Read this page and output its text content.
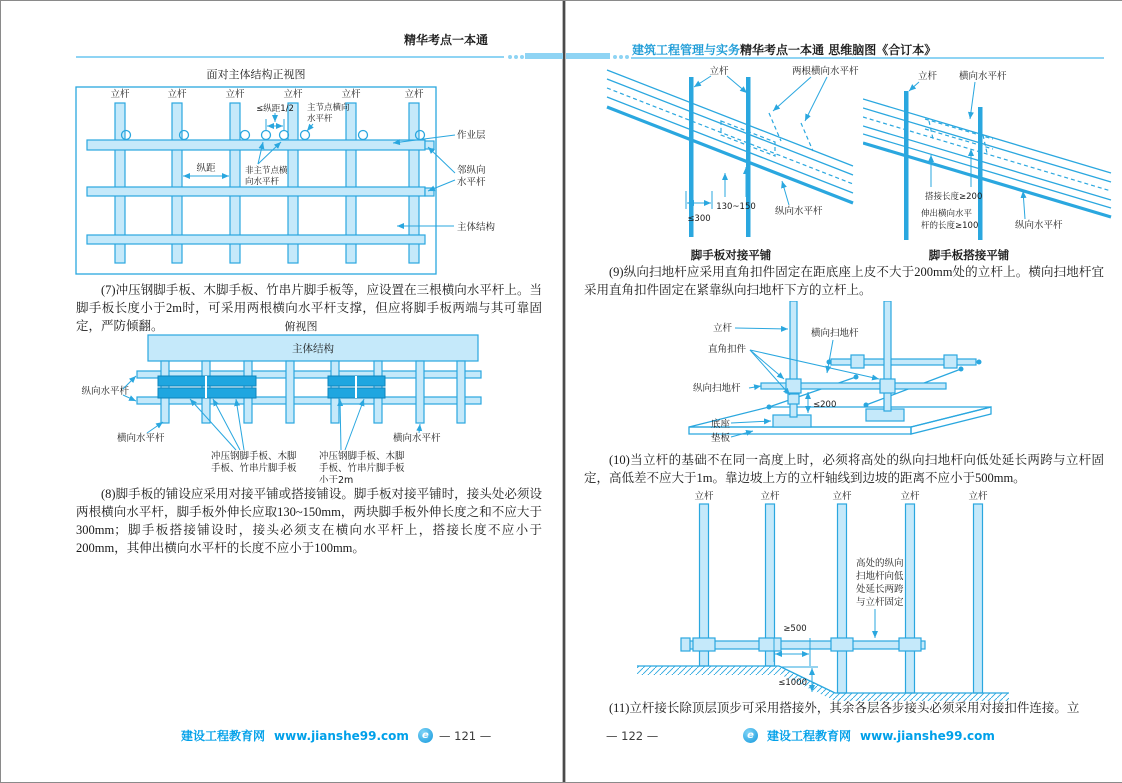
精华考点一本通
面对主体结构正视图
立杆	立杆	立杆	立杆	立杆	立杆
≤纵距1/2 主节点横向
水平杆
纵距	非主节点横
向水平杆
作业层
邻纵向
水平杆
主体结构

(7)冲压钢脚手板、木脚手板、竹串片脚手板等，应设置在三根横向水平杆上。当脚手板长度小于2m时，可采用两根横向水平杆支撑，但应将脚手板两端与其可靠固定，严防倾翻。	俯视图
主体结构
纵向水平杆
横向水平杆
冲压钢脚手板、木脚
手板、竹串片脚手板
冲压钢脚手板、木脚
手板、竹串片脚手板
小于2m
横向水平杆

(8)脚手板的铺设应采用对接平铺或搭接铺设。脚手板对接平铺时，接头处必须设两根横向水平杆，脚手板外伸长应取130~150mm，两块脚手板外伸长度之和不应大于300mm；脚手板搭接铺设时，接头必须支在横向水平杆上，搭接长度不应小于200mm，其伸出横向水平杆的长度不应小于100mm。

建设工程教育网 www.jianshe99.com	e — 121 —
建筑工程管理与实务精华考点一本通 思维脑图《合订本》
立杆	两根横向水平杆
130~150
≤300
纵向水平杆
脚手板对接平铺
立杆 横向水平杆
搭接长度≥200
伸出横向水平
杆的长度≥100	纵向水平杆
脚手板搭接平铺

(9)纵向扫地杆应采用直角扣件固定在距底座上皮不大于200mm处的立杆上。横向扫地杆宜采用直角扣件固定在紧靠纵向扫地杆下方的立杆上。

≤200
立杆	横向扫地杆
直角扣件
纵向扫地杆
底座
垫板

(10)当立杆的基础不在同一高度上时，必须将高处的纵向扫地杆向低处延长两跨与立杆固定，高低差不应大于1m。靠边坡上方的立杆轴线到边坡的距离不应小于500mm。

立杆	立杆	立杆	立杆	立杆
≥500
≤1000
高处的纵向
扫地杆向低
处延长两跨
与立杆固定

(11)立杆接长除顶层顶步可采用搭接外，其余各层各步接头必须采用对接扣件连接。立

— 122 —	e	建设工程教育网 www.jianshe99.com
